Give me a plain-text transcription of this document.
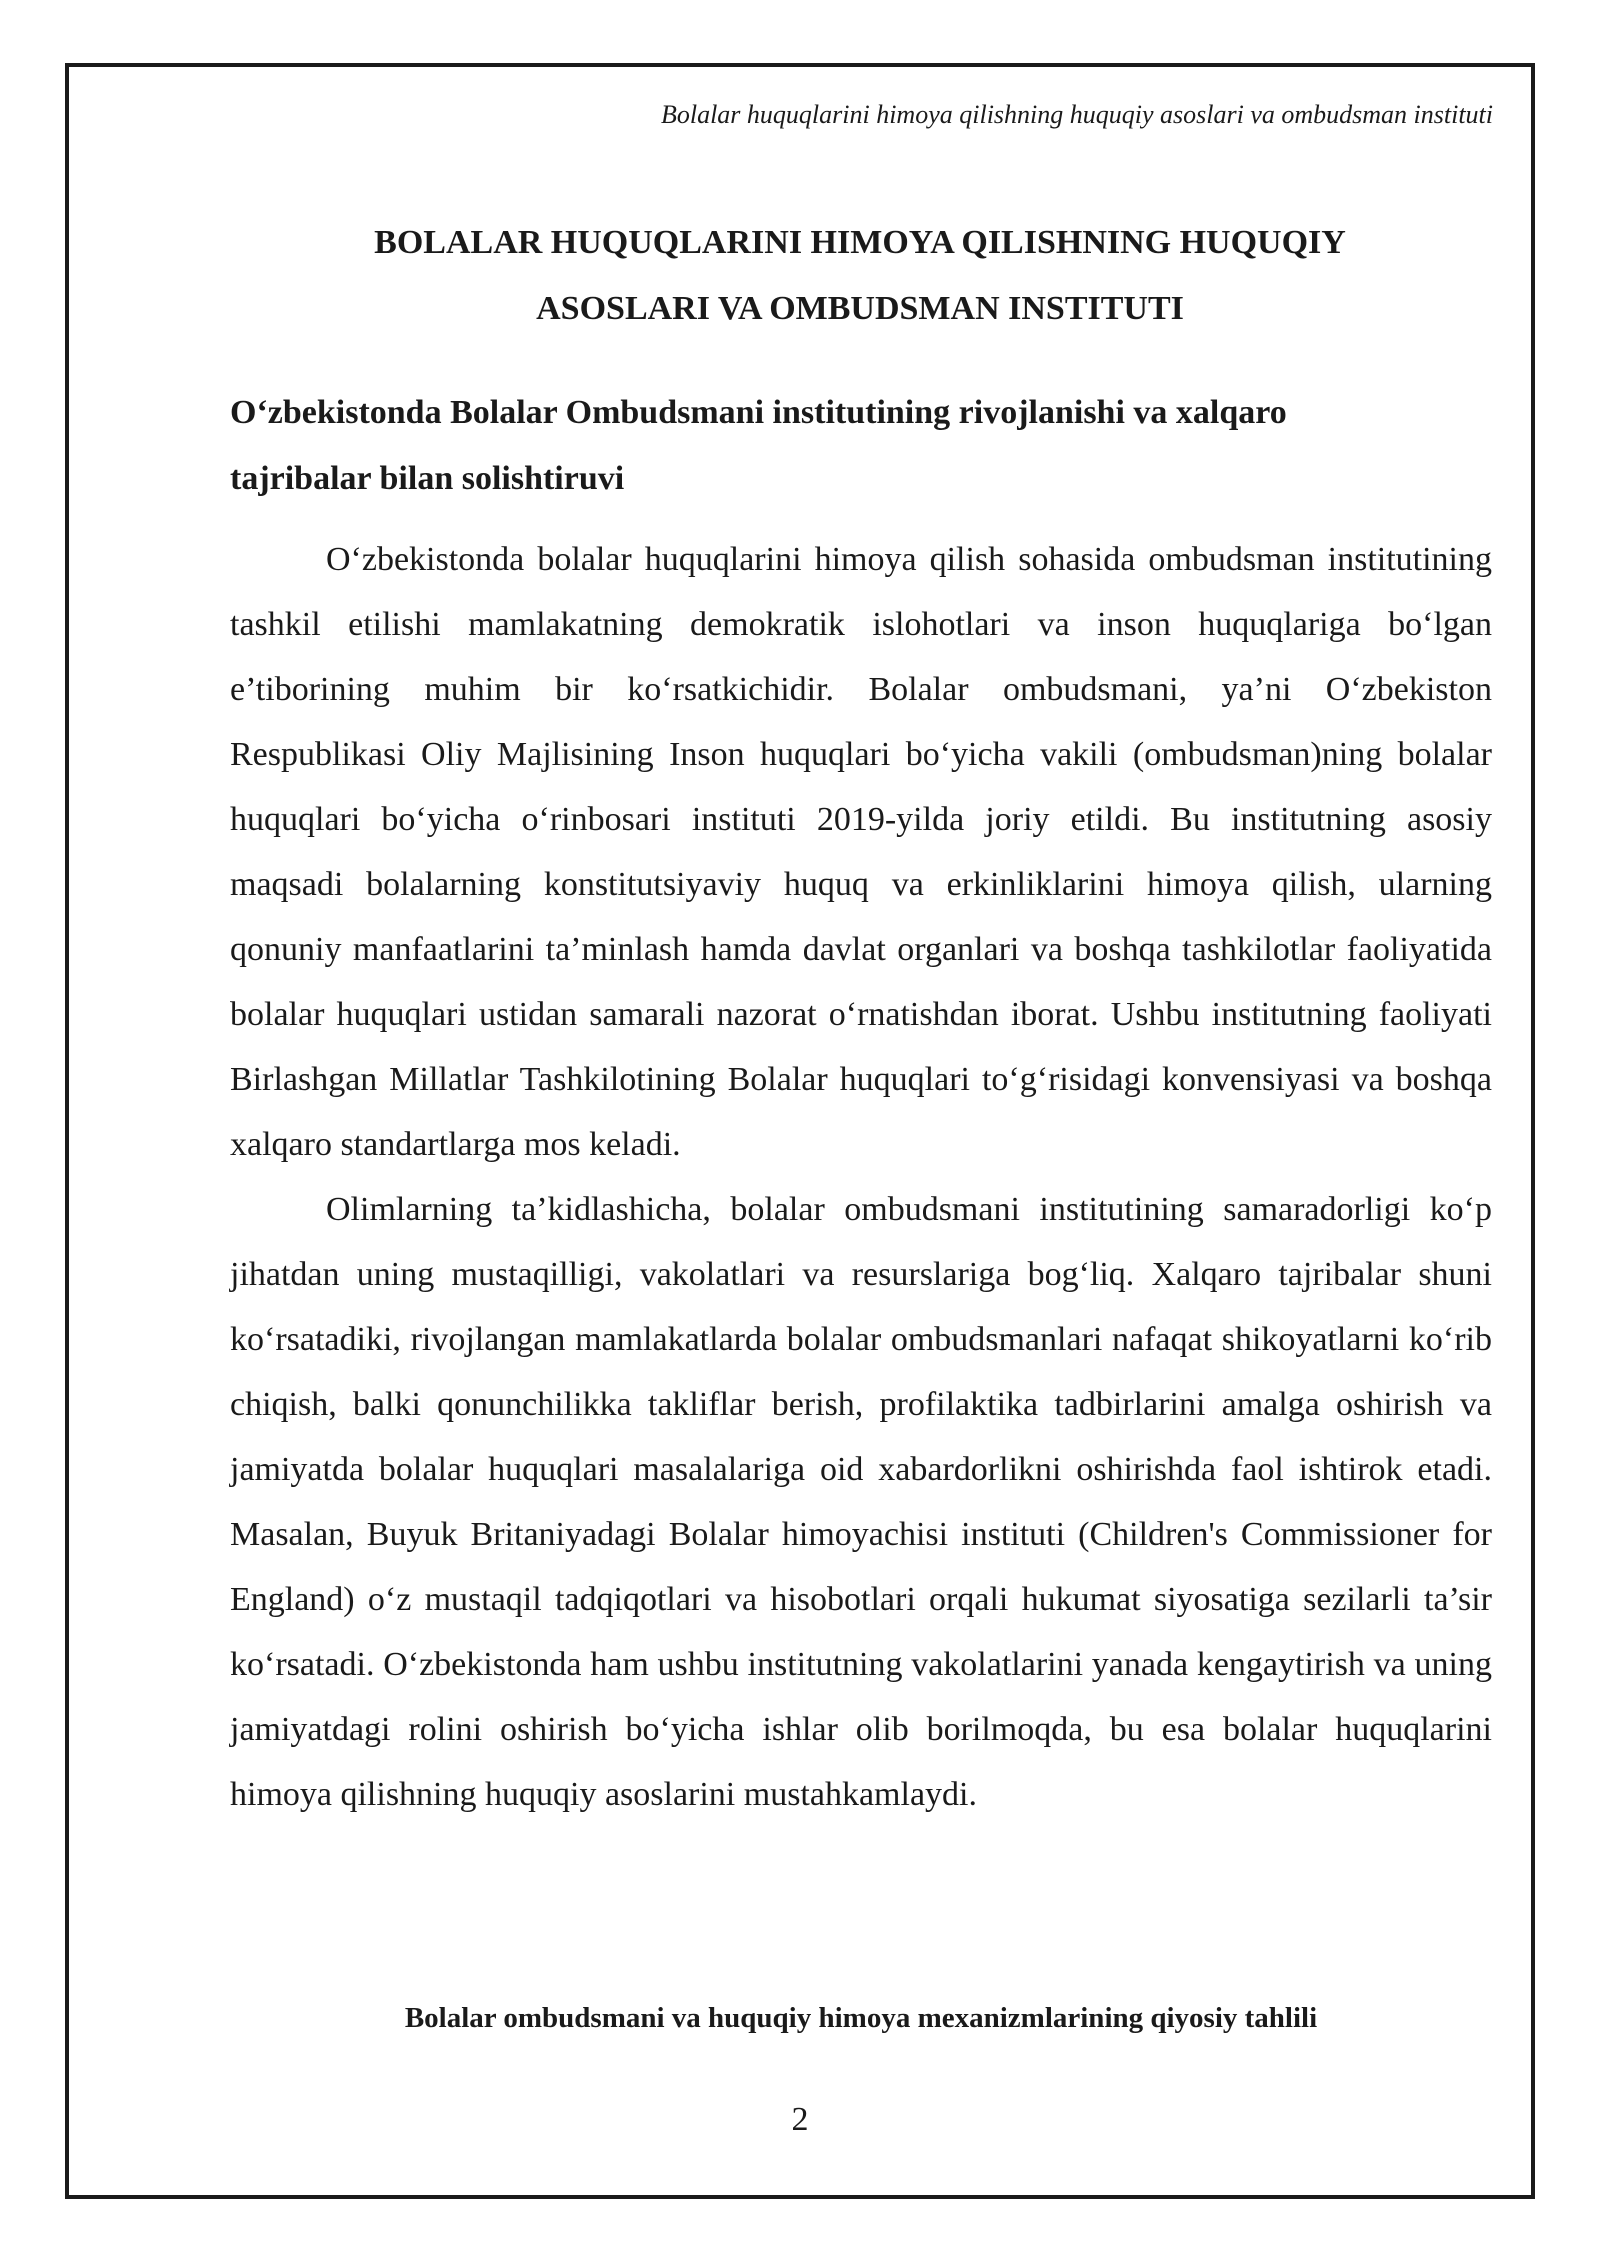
Bolalar huquqlarini himoya qilishning huquqiy asoslari va ombudsman instituti
BOLALAR HUQUQLARINI HIMOYA QILISHNING HUQUQIY
ASOSLARI VA OMBUDSMAN INSTITUTI
O‘zbekistonda Bolalar Ombudsmani institutining rivojlanishi va xalqaro
tajribalar bilan solishtiruvi

O‘zbekistonda bolalar huquqlarini himoya qilish sohasida ombudsman institutining tashkil etilishi mamlakatning demokratik islohotlari va inson huquqlariga bo‘lgan e’tiborining muhim bir ko‘rsatkichidir. Bolalar ombudsmani, ya’ni O‘zbekiston Respublikasi Oliy Majlisining Inson huquqlari bo‘yicha vakili (ombudsman)ning bolalar huquqlari bo‘yicha o‘rinbosari instituti 2019-yilda joriy etildi. Bu institutning asosiy maqsadi bolalarning konstitutsiyaviy huquq va erkinliklarini himoya qilish, ularning qonuniy manfaatlarini ta’minlash hamda davlat organlari va boshqa tashkilotlar faoliyatida bolalar huquqlari ustidan samarali nazorat o‘rnatishdan iborat. Ushbu institutning faoliyati Birlashgan Millatlar Tashkilotining Bolalar huquqlari to‘g‘risidagi konvensiyasi va boshqa xalqaro standartlarga mos keladi.

Olimlarning ta’kidlashicha, bolalar ombudsmani institutining samaradorligi ko‘p jihatdan uning mustaqilligi, vakolatlari va resurslariga bog‘liq. Xalqaro tajribalar shuni ko‘rsatadiki, rivojlangan mamlakatlarda bolalar ombudsmanlari nafaqat shikoyatlarni ko‘rib chiqish, balki qonunchilikka takliflar berish, profilaktika tadbirlarini amalga oshirish va jamiyatda bolalar huquqlari masalalariga oid xabardorlikni oshirishda faol ishtirok etadi. Masalan, Buyuk Britaniyadagi Bolalar himoyachisi instituti (Children's Commissioner for England) o‘z mustaqil tadqiqotlari va hisobotlari orqali hukumat siyosatiga sezilarli ta’sir ko‘rsatadi. O‘zbekistonda ham ushbu institutning vakolatlarini yanada kengaytirish va uning jamiyatdagi rolini oshirish bo‘yicha ishlar olib borilmoqda, bu esa bolalar huquqlarini himoya qilishning huquqiy asoslarini mustahkamlaydi.

Bolalar ombudsmani va huquqiy himoya mexanizmlarining qiyosiy tahlili
2
